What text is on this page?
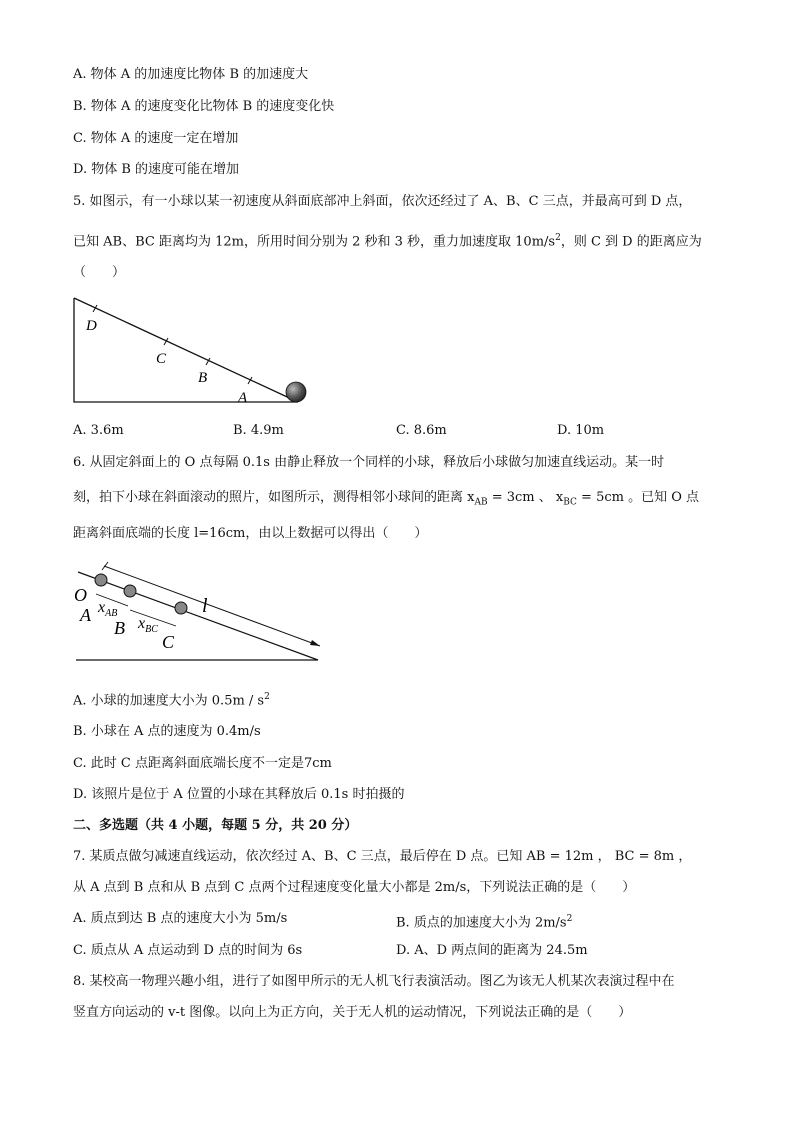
A. 物体 A 的加速度比物体 B 的加速度大
B. 物体 A 的速度变化比物体 B 的速度变化快
C. 物体 A 的速度一定在增加
D. 物体 B 的速度可能在增加
5. 如图示，有一小球以某一初速度从斜面底部冲上斜面，依次还经过了 A、B、C 三点，并最高可到 D 点，
已知 AB、BC 距离均为 12m，所用时间分别为 2 秒和 3 秒，重力加速度取 $10m/s^2$，则 C 到 D 的距离应为
（　　）
D
C
B
A
A. 3.6m	B. 4.9m	C. 8.6m	D. 10m
6. 从固定斜面上的 O 点每隔 0.1s 由静止释放一个同样的小球，释放后小球做匀加速直线运动。某一时
刻，拍下小球在斜面滚动的照片，如图所示，测得相邻小球间的距离 $x_{AB} = 3cm$ 、 $x_{BC} = 5cm$ 。已知 O 点
距离斜面底端的长度 l=16cm，由以上数据可以得出（　　）
O
A
B
C
l
$x_{AB}$
$x_{BC}$
A. 小球的加速度大小为 $0.5m / s^2$
B. 小球在 A 点的速度为 0.4m/s
C. 此时 C 点距离斜面底端长度不一定是7cm
D. 该照片是位于 A 位置的小球在其释放后 0.1s 时拍摄的
二、多选题（共 4 小题，每题 5 分，共 20 分）
7. 某质点做匀减速直线运动，依次经过 A、B、C 三点，最后停在 D 点。已知 AB = 12m ， BC = 8m ，
从 A 点到 B 点和从 B 点到 C 点两个过程速度变化量大小都是 2m/s，下列说法正确的是（　　）
A. 质点到达 B 点的速度大小为 5m/s	B. 质点的加速度大小为 $2m/s^2$
C. 质点从 A 点运动到 D 点的时间为 6s	D. A、D 两点间的距离为 24.5m
8. 某校高一物理兴趣小组，进行了如图甲所示的无人机飞行表演活动。图乙为该无人机某次表演过程中在
竖直方向运动的 v-t 图像。以向上为正方向，关于无人机的运动情况，下列说法正确的是（　　）
